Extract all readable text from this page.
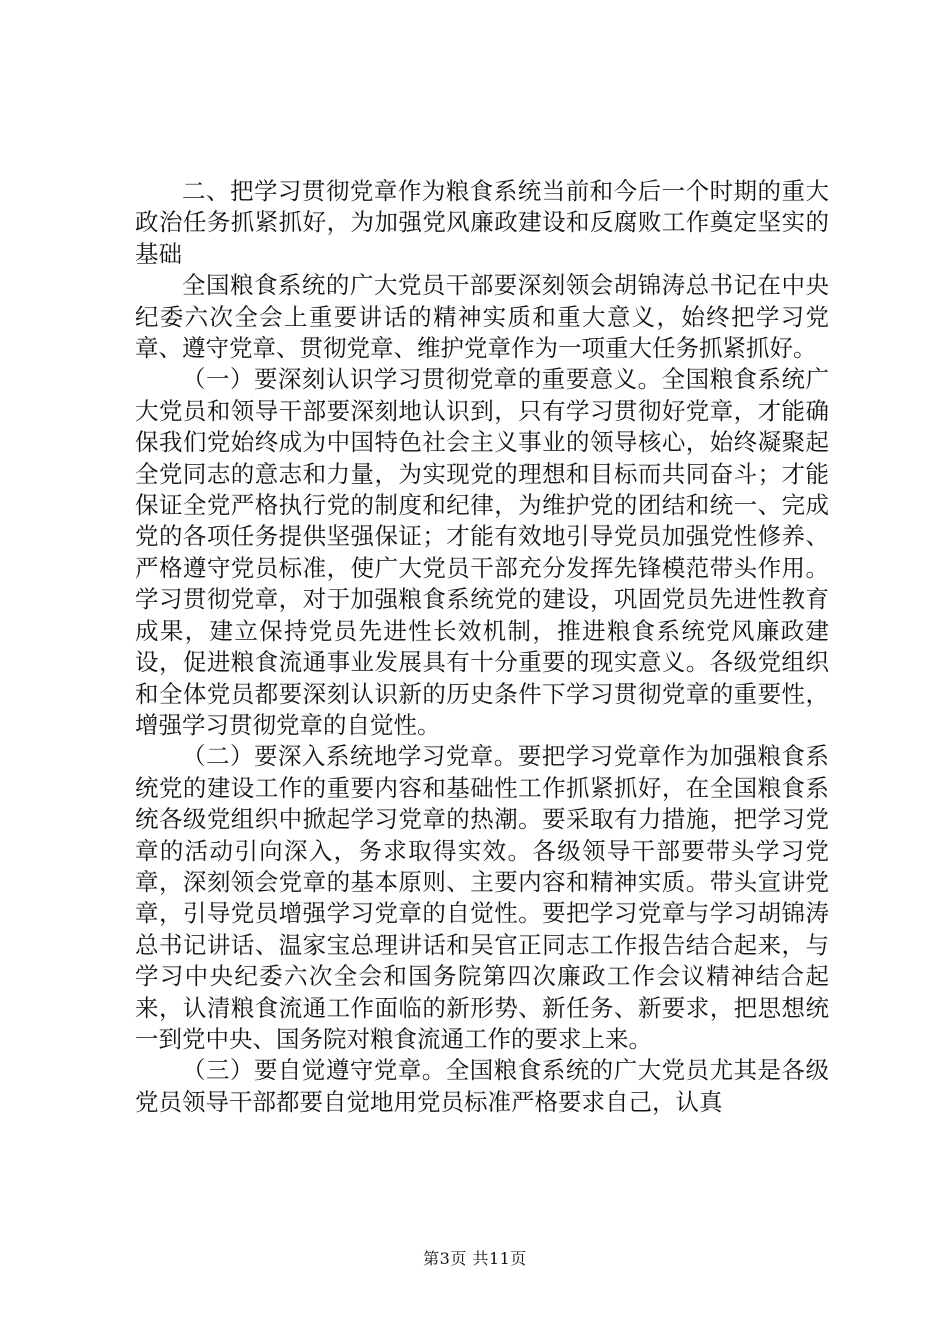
二、把学习贯彻党章作为粮食系统当前和今后一个时期的重大政治任务抓紧抓好，为加强党风廉政建设和反腐败工作奠定坚实的基础

全国粮食系统的广大党员干部要深刻领会胡锦涛总书记在中央纪委六次全会上重要讲话的精神实质和重大意义，始终把学习党章、遵守党章、贯彻党章、维护党章作为一项重大任务抓紧抓好。

（一）要深刻认识学习贯彻党章的重要意义。全国粮食系统广大党员和领导干部要深刻地认识到，只有学习贯彻好党章，才能确保我们党始终成为中国特色社会主义事业的领导核心，始终凝聚起全党同志的意志和力量，为实现党的理想和目标而共同奋斗；才能保证全党严格执行党的制度和纪律，为维护党的团结和统一、完成党的各项任务提供坚强保证；才能有效地引导党员加强党性修养、严格遵守党员标准，使广大党员干部充分发挥先锋模范带头作用。学习贯彻党章，对于加强粮食系统党的建设，巩固党员先进性教育成果，建立保持党员先进性长效机制，推进粮食系统党风廉政建设，促进粮食流通事业发展具有十分重要的现实意义。各级党组织和全体党员都要深刻认识新的历史条件下学习贯彻党章的重要性，增强学习贯彻党章的自觉性。

（二）要深入系统地学习党章。要把学习党章作为加强粮食系统党的建设工作的重要内容和基础性工作抓紧抓好，在全国粮食系统各级党组织中掀起学习党章的热潮。要采取有力措施，把学习党章的活动引向深入，务求取得实效。各级领导干部要带头学习党章，深刻领会党章的基本原则、主要内容和精神实质。带头宣讲党章，引导党员增强学习党章的自觉性。要把学习党章与学习胡锦涛总书记讲话、温家宝总理讲话和吴官正同志工作报告结合起来，与学习中央纪委六次全会和国务院第四次廉政工作会议精神结合起来，认清粮食流通工作面临的新形势、新任务、新要求，把思想统一到党中央、国务院对粮食流通工作的要求上来。

（三）要自觉遵守党章。全国粮食系统的广大党员尤其是各级党员领导干部都要自觉地用党员标准严格要求自己，认真

第3页 共11页
